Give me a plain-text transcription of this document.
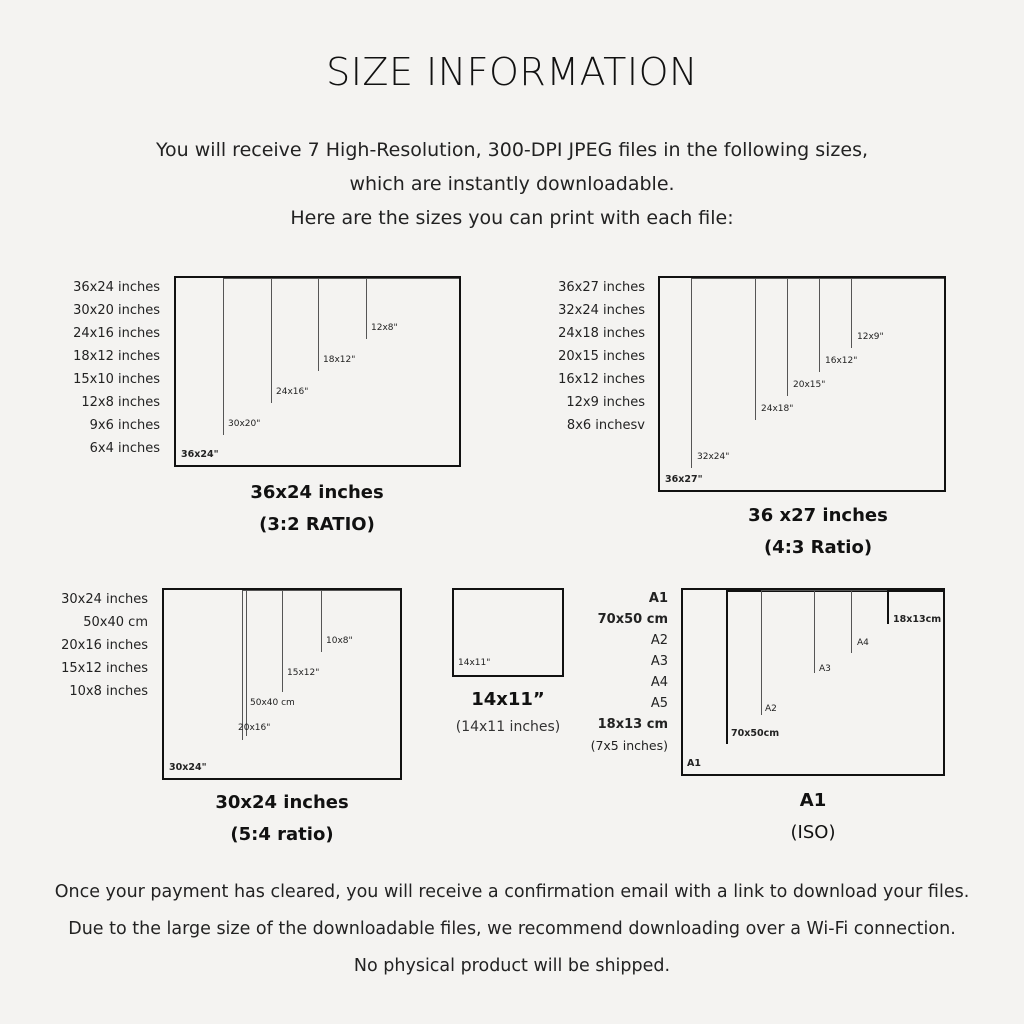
SIZE INFORMATION
You will receive 7 High-Resolution, 300-DPI JPEG files in the following sizes,
which are instantly downloadable.
Here are the sizes you can print with each file:
36x24 inches
30x20 inches
24x16 inches
18x12 inches
15x10 inches
12x8 inches
9x6 inches
6x4 inches 36x24"
30x20"
24x16"
18x12"
12x8"
36x24 inches
(3:2 RATIO)
36x27 inches
32x24 inches
24x18 inches
20x15 inches
16x12 inches
12x9 inches
8x6 inchesv
36x27"
32x24"
24x18"
20x15"
16x12"
12x9"
36 x27 inches
(4:3 Ratio)
30x24 inches
50x40 cm
20x16 inches
15x12 inches
10x8 inches
30x24"
20x16"
50x40 cm
15x12"
10x8"
30x24 inches
(5:4 ratio)
14x11"
14x11”
(14x11 inches)
A1
70x50 cm
A2
A3
A4
A5
18x13 cm
(7x5 inches)
A1
70x50cm
A2
A3
A4
18x13cm
A1
(ISO)
Once your payment has cleared, you will receive a confirmation email with a link to download your files.
Due to the large size of the downloadable files, we recommend downloading over a Wi-Fi connection.
No physical product will be shipped.
